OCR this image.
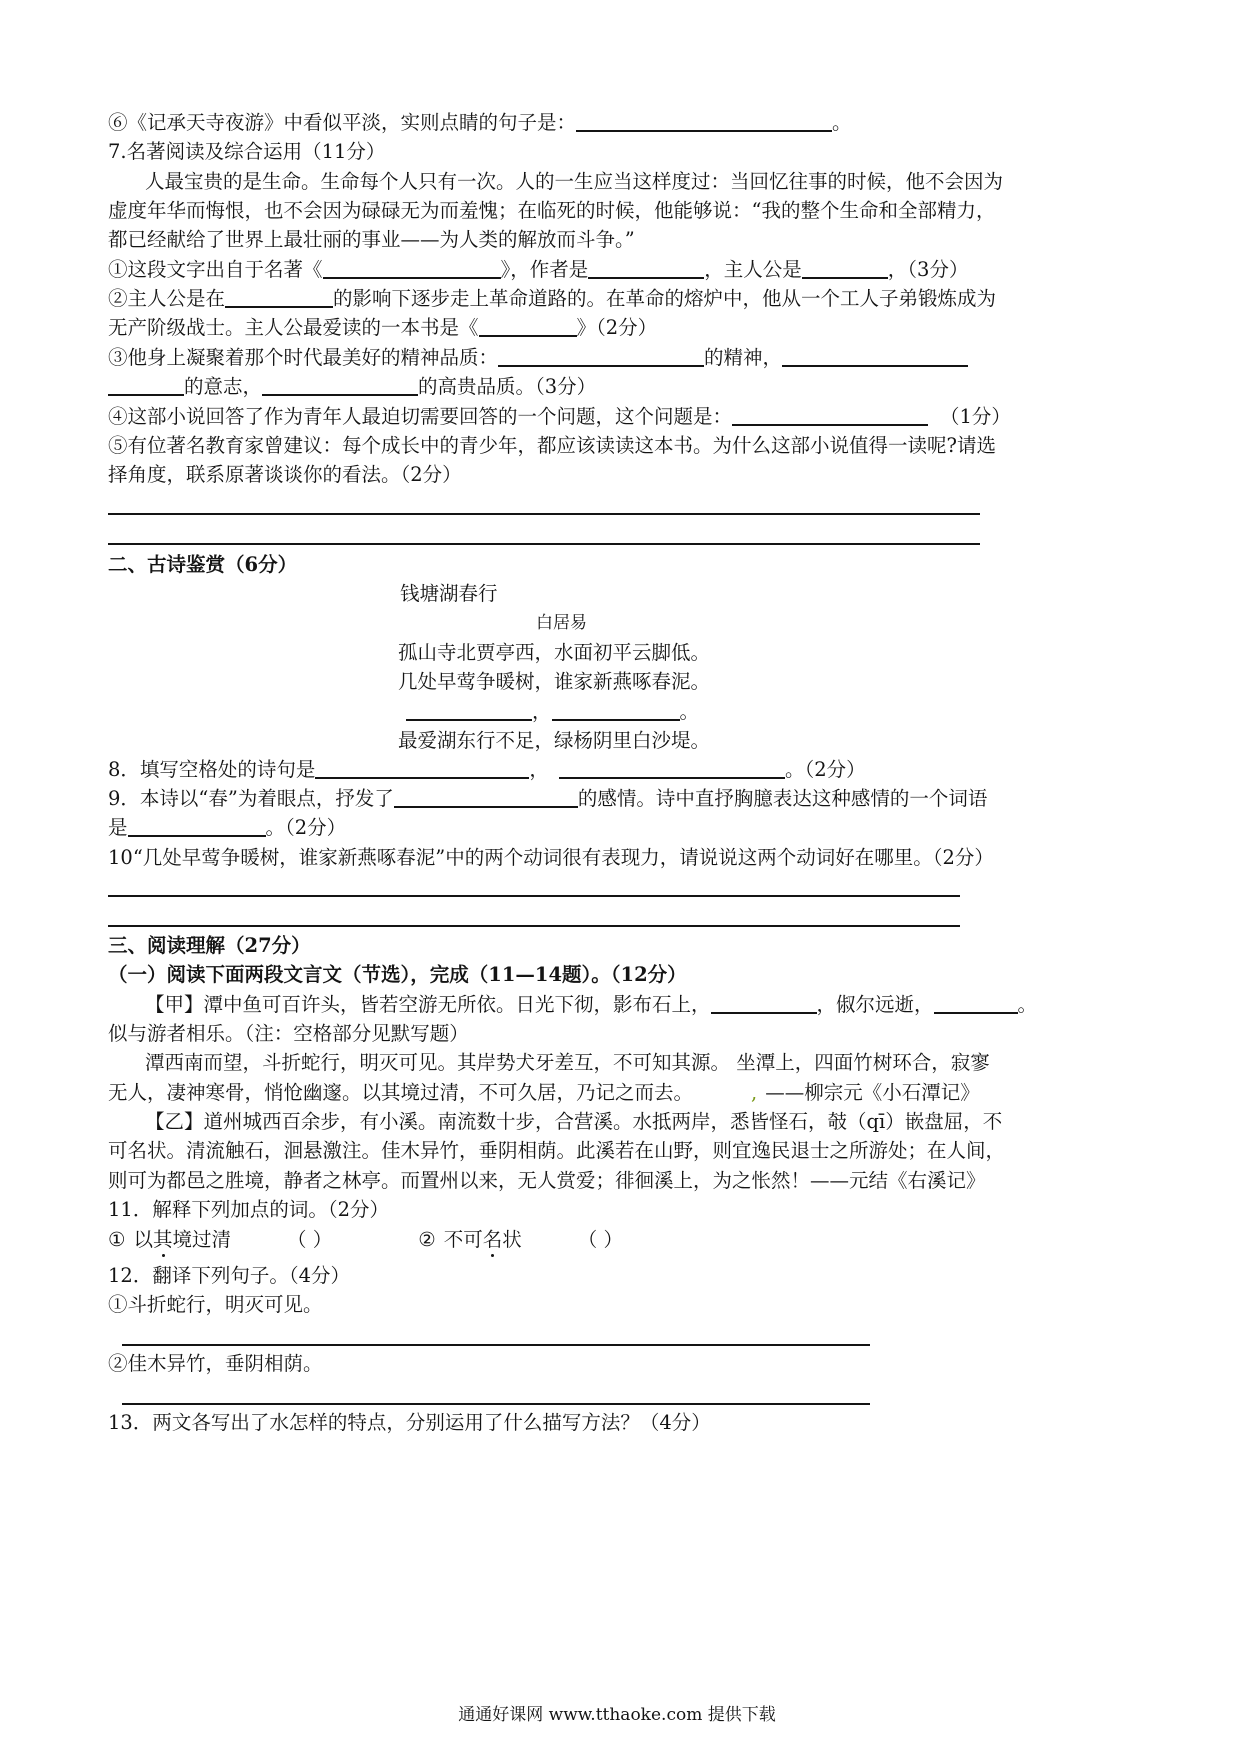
⑥《记承天寺夜游》中看似平淡，实则点睛的句子是：	。
7.名著阅读及综合运用（11分）
人最宝贵的是生命。生命每个人只有一次。人的一生应当这样度过：当回忆往事的时候，他不会因为
虚度年华而悔恨，也不会因为碌碌无为而羞愧；在临死的时候，他能够说：“我的整个生命和全部精力，
都已经献给了世界上最壮丽的事业——为人类的解放而斗争。”
①这段文字出自于名著《	》，作者是	，主人公是	，（3分）
②主人公是在	的影响下逐步走上革命道路的。在革命的熔炉中，他从一个工人子弟锻炼成为
无产阶级战士。主人公最爱读的一本书是《	》（2分）
③他身上凝聚着那个时代最美好的精神品质：	的精神，
的意志，	的高贵品质。（3分）
④这部小说回答了作为青年人最迫切需要回答的一个问题，这个问题是：	（1分）
⑤有位著名教育家曾建议：每个成长中的青少年，都应该读读这本书。为什么这部小说值得一读呢?请选
择角度，联系原著谈谈你的看法。（2分）
二、古诗鉴赏（6分）
钱塘湖春行
白居易
孤山寺北贾亭西，水面初平云脚低。
几处早莺争暖树，谁家新燕啄春泥。
，	。
最爱湖东行不足，绿杨阴里白沙堤。
8．填写空格处的诗句是	，	。（2分）
9．本诗以“春”为着眼点，抒发了	的感情。诗中直抒胸臆表达这种感情的一个词语
是	。（2分）
10“几处早莺争暖树，谁家新燕啄春泥”中的两个动词很有表现力，请说说这两个动词好在哪里。（2分）
三、阅读理解（27分）
（一）阅读下面两段文言文（节选），完成（11—14题）。（12分）
【甲】潭中鱼可百许头，皆若空游无所依。日光下彻，影布石上，	，俶尔远逝，	。
似与游者相乐。（注：空格部分见默写题）
潭西南而望，斗折蛇行，明灭可见。其岸势犬牙差互，不可知其源。 坐潭上，四面竹树环合，寂寥
无人，凄神寒骨，悄怆幽邃。以其境过清，不可久居，乃记之而去。	, ——柳宗元《小石潭记》
【乙】道州城西百余步，有小溪。南流数十步，合营溪。水抵两岸，悉皆怪石，攲（qī）嵌盘屈，不
可名状。清流触石，洄悬激注。佳木异竹，垂阴相荫。此溪若在山野，则宜逸民退士之所游处；在人间，
则可为都邑之胜境，静者之林亭。而置州以来，无人赏爱；徘徊溪上，为之怅然！——元结《右溪记》
11．解释下列加点的词。（2分）
① 以其境过清	（ ）	② 不可名状	（ ）
12．翻译下列句子。（4分）
①斗折蛇行，明灭可见。
②佳木异竹，垂阴相荫。
13．两文各写出了水怎样的特点，分别运用了什么描写方法？（4分）
通通好课网 www.tthaoke.com 提供下载
